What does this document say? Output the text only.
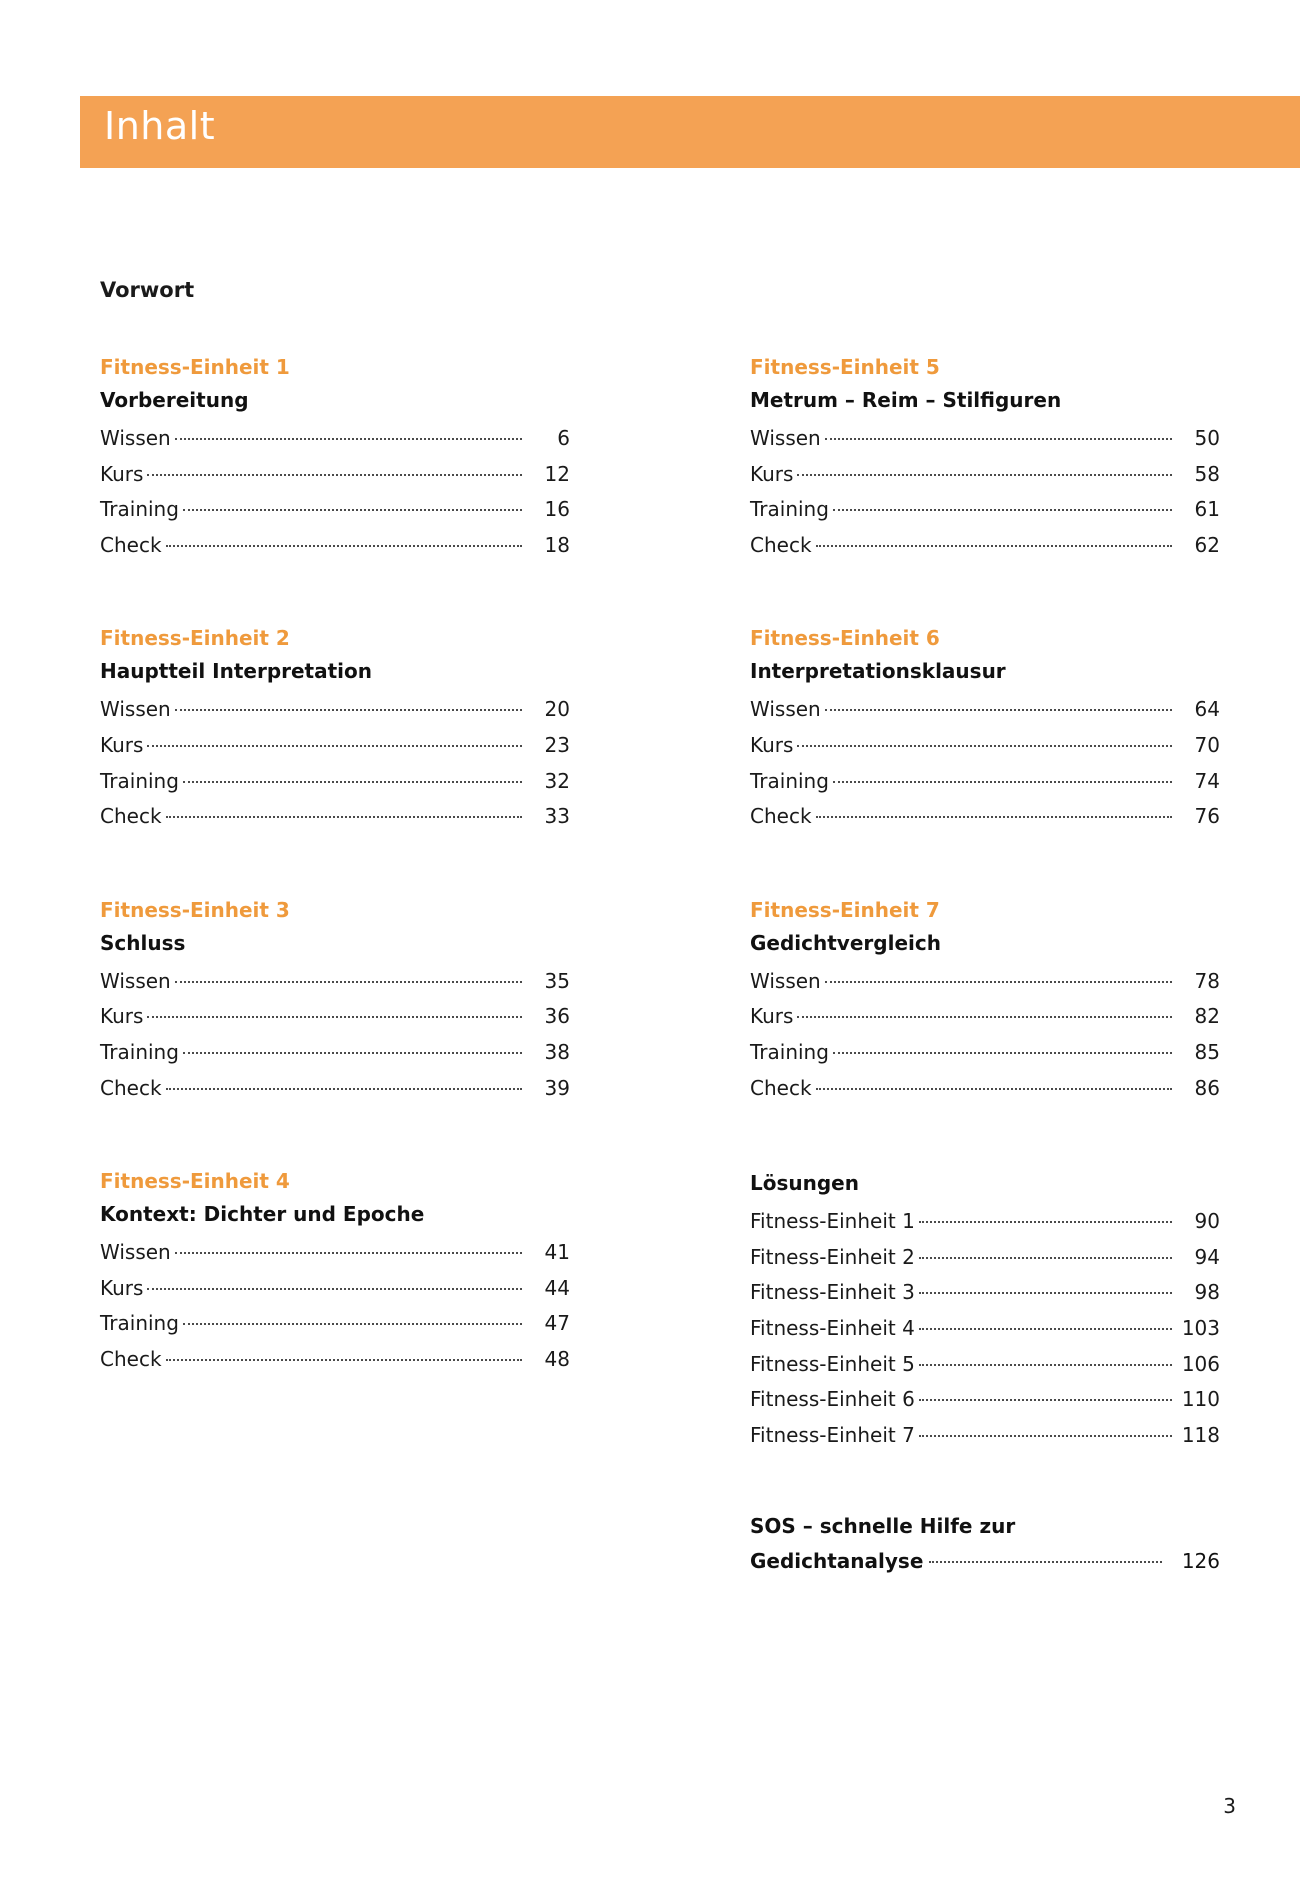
Inhalt
Vorwort
Fitness-Einheit 1
Vorbereitung
Wissen	6
Kurs	12
Training	16
Check	18
Fitness-Einheit 2
Hauptteil Interpretation
Wissen	20
Kurs	23
Training	32
Check	33
Fitness-Einheit 3
Schluss
Wissen	35
Kurs	36
Training	38
Check	39
Fitness-Einheit 4
Kontext: Dichter und Epoche
Wissen	41
Kurs	44
Training	47
Check	48
Fitness-Einheit 5
Metrum – Reim – Stilfiguren
Wissen	50
Kurs	58
Training	61
Check	62
Fitness-Einheit 6
Interpretationsklausur
Wissen	64
Kurs	70
Training	74
Check	76
Fitness-Einheit 7
Gedichtvergleich
Wissen	78
Kurs	82
Training	85
Check	86
Lösungen
Fitness-Einheit 1	90
Fitness-Einheit 2	94
Fitness-Einheit 3	98
Fitness-Einheit 4	103
Fitness-Einheit 5	106
Fitness-Einheit 6	110
Fitness-Einheit 7	118
SOS – schnelle Hilfe zur
Gedichtanalyse	126
3
